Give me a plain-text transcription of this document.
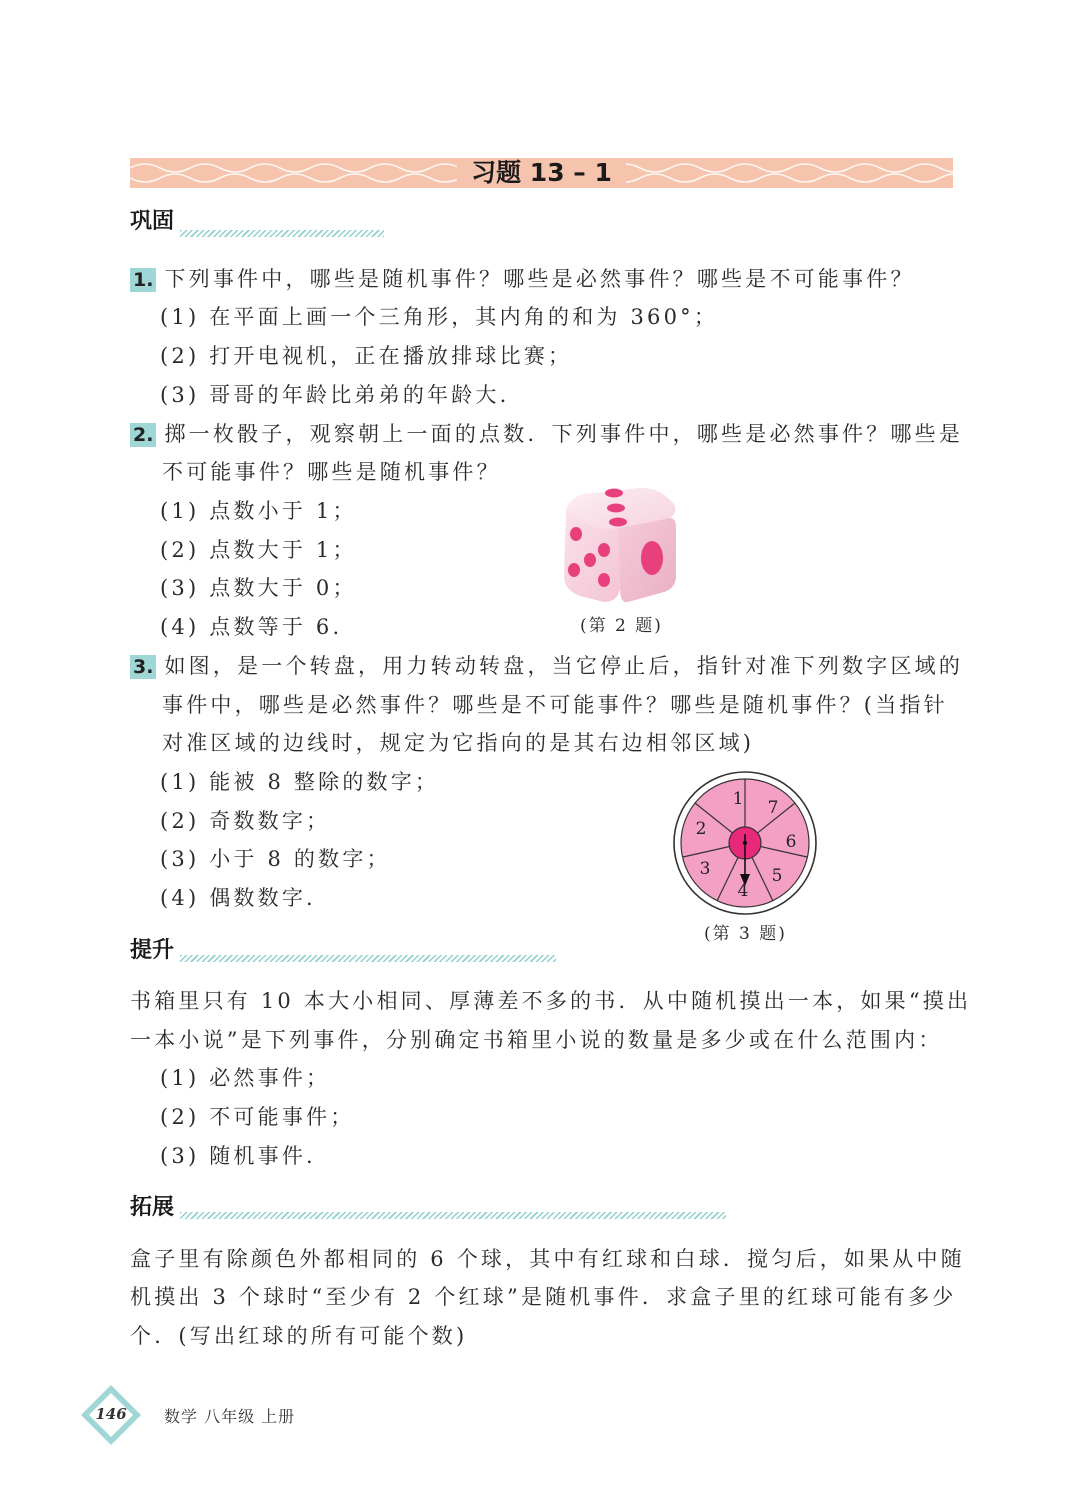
习题 13 – 1
巩固
1. 下列事件中，哪些是随机事件？哪些是必然事件？哪些是不可能事件？
(1) 在平面上画一个三角形，其内角的和为 360°；
(2) 打开电视机，正在播放排球比赛；
(3) 哥哥的年龄比弟弟的年龄大.
2. 掷一枚骰子，观察朝上一面的点数．下列事件中，哪些是必然事件？哪些是
不可能事件？哪些是随机事件？
(1) 点数小于 1；
(2) 点数大于 1；
(3) 点数大于 0；
(4) 点数等于 6.	(第 2 题)
3. 如图，是一个转盘，用力转动转盘，当它停止后，指针对准下列数字区域的
事件中，哪些是必然事件？哪些是不可能事件？哪些是随机事件？(当指针
对准区域的边线时，规定为它指向的是其右边相邻区域)
(1) 能被 8 整除的数字；
(2) 奇数数字；
(3) 小于 8 的数字；
(4) 偶数数字.
1 7
6
5
4
3
2
(第 3 题)
提升
书箱里只有 10 本大小相同、厚薄差不多的书．从中随机摸出一本，如果“摸出
一本小说”是下列事件，分别确定书箱里小说的数量是多少或在什么范围内：
(1) 必然事件；
(2) 不可能事件；
(3) 随机事件.
拓展
盒子里有除颜色外都相同的 6 个球，其中有红球和白球．搅匀后，如果从中随
机摸出 3 个球时“至少有 2 个红球”是随机事件．求盒子里的红球可能有多少
个．(写出红球的所有可能个数)
146	数学 八年级 上册
